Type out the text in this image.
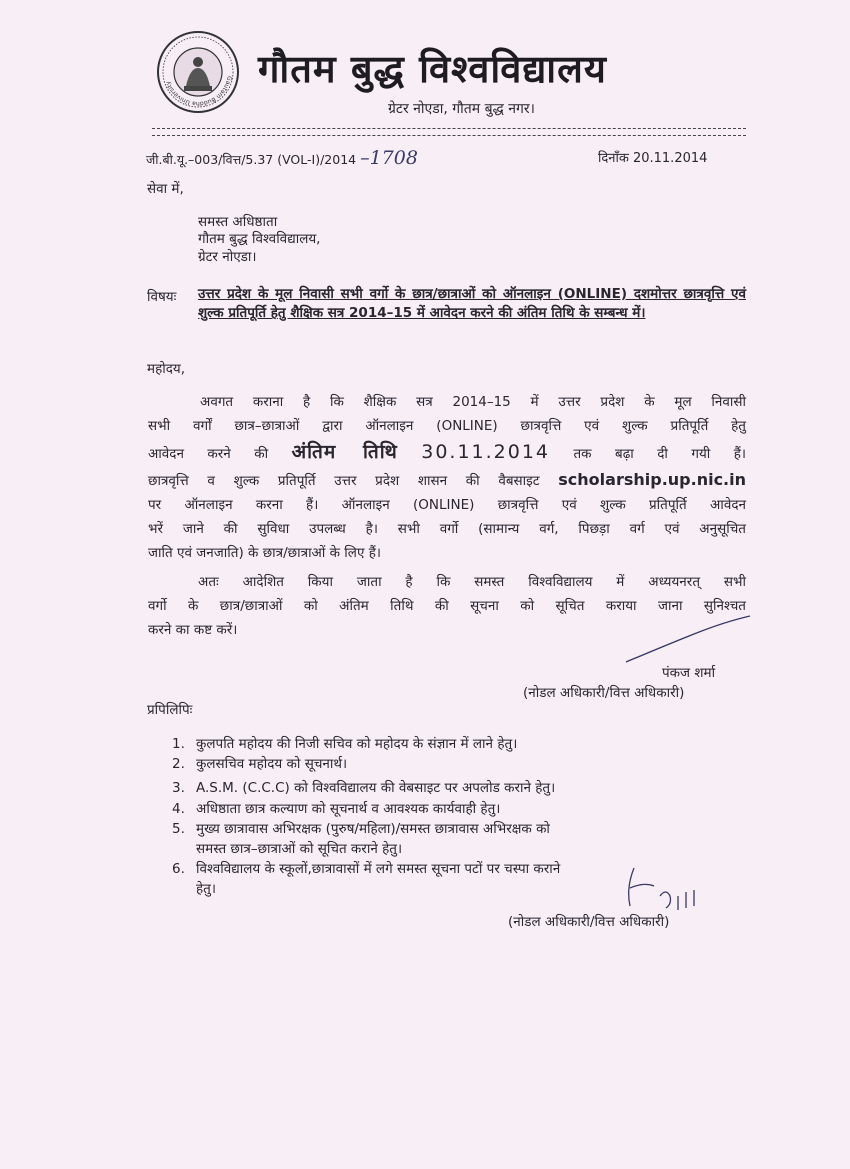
Gautam Buddha University	गौतम बुद्ध विश्वविद्यालय
ग्रेटर नोएडा, गौतम बुद्ध नगर।
जी.बी.यू.–003/वित्त/5.37 (VOL-I)/2014 –1708	दिनाँक 20.11.2014
सेवा में,
समस्त अधिष्ठाता
गौतम बुद्ध विश्वविद्यालय,
ग्रेटर नोएडा।
विषयः उत्तर प्रदेश के मूल निवासी सभी वर्गो के छात्र/छात्राओं को ऑनलाइन (ONLINE) दशमोत्तर छात्रवृत्ति एवं शुल्क प्रतिपूर्ति हेतु शैक्षिक सत्र 2014–15 में आवेदन करने की अंतिम तिथि के सम्बन्ध में।
महोदय,
अवगत कराना है कि शैक्षिक सत्र 2014–15 में उत्तर प्रदेश के मूल निवासी
सभी वर्गों छात्र–छात्राओं द्वारा ऑनलाइन (ONLINE) छात्रवृत्ति एवं शुल्क प्रतिपूर्ति हेतु
आवेदन करने की अंतिम तिथि 30.11.2014 तक बढ़ा दी गयी हैं।
छात्रवृत्ति व शुल्क प्रतिपूर्ति उत्तर प्रदेश शासन की वैबसाइट scholarship.up.nic.in
पर ऑनलाइन करना हैं। ऑनलाइन (ONLINE) छात्रवृत्ति एवं शुल्क प्रतिपूर्ति आवेदन
भरें जाने की सुविधा उपलब्ध है। सभी वर्गो (सामान्य वर्ग, पिछड़ा वर्ग एवं अनुसूचित
जाति एवं जनजाति) के छात्र/छात्राओं के लिए हैं।
अतः आदेशित किया जाता है कि समस्त विश्वविद्यालय में अध्ययनरत् सभी
वर्गो के छात्र/छात्राओं को अंतिम तिथि की सूचना को सूचित कराया जाना सुनिश्चत
करने का कष्ट करें।
पंकज शर्मा
(नोडल अधिकारी/वित्त अधिकारी)
प्रपिलिपिः
1. कुलपति महोदय की निजी सचिव को महोदय के संज्ञान में लाने हेतु।
2. कुलसचिव महोदय को सूचनार्थ।
3. A.S.M. (C.C.C) को विश्वविद्यालय की वेबसाइट पर अपलोड कराने हेतु।
4. अधिष्ठाता छात्र कल्याण को सूचनार्थ व आवश्यक कार्यवाही हेतु।
5. मुख्य छात्रावास अभिरक्षक (पुरुष/महिला)/समस्त छात्रावास अभिरक्षक को
समस्त छात्र–छात्राओं को सूचित कराने हेतु।
6. विश्वविद्यालय के स्कूलों,छात्रावासों में लगे समस्त सूचना पटों पर चस्पा कराने
हेतु।
(नोडल अधिकारी/वित्त अधिकारी)
